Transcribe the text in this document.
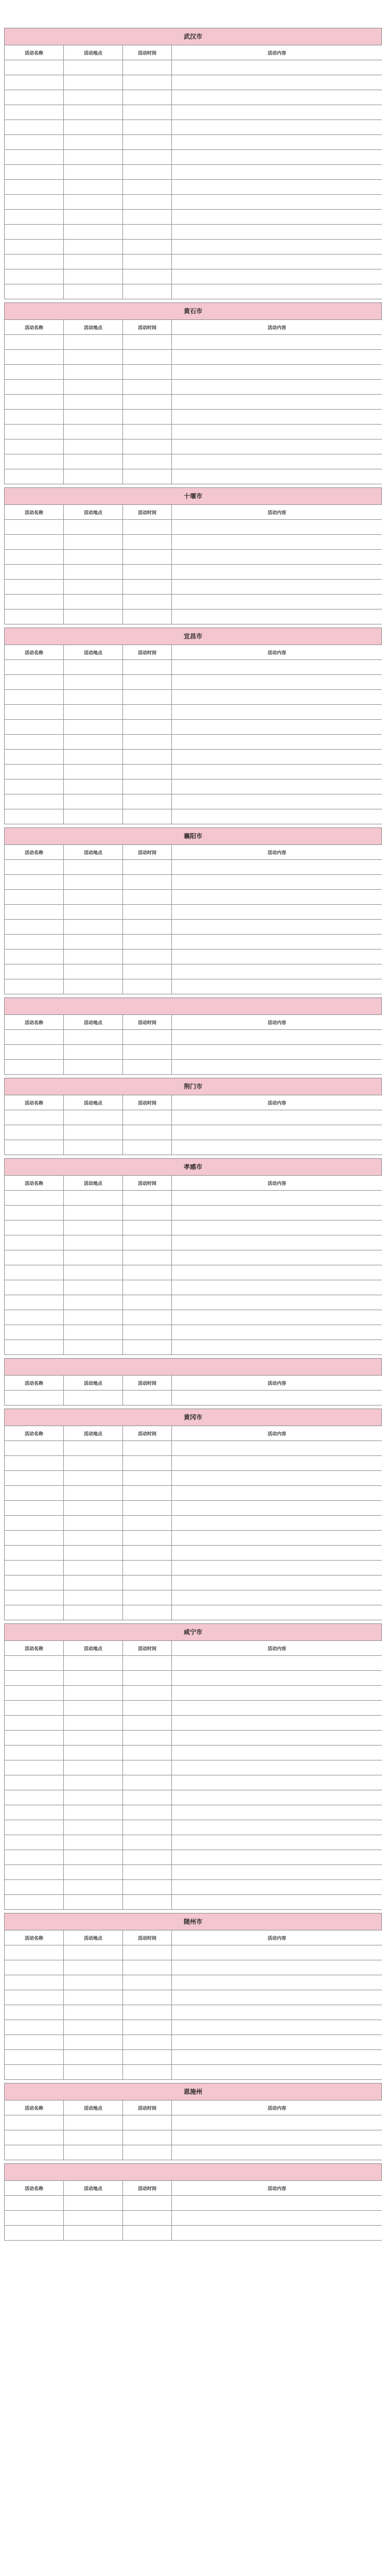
武汉市
活动名称	活动地点	活动时间	活动内容

黄石市
活动名称	活动地点	活动时间	活动内容

十堰市
活动名称	活动地点	活动时间	活动内容

宜昌市
活动名称	活动地点	活动时间	活动内容

襄阳市
活动名称	活动地点	活动时间	活动内容

活动名称	活动地点	活动时间	活动内容

荆门市
活动名称	活动地点	活动时间	活动内容

孝感市
活动名称	活动地点	活动时间	活动内容

活动名称	活动地点	活动时间	活动内容

黄冈市
活动名称	活动地点	活动时间	活动内容

咸宁市
活动名称	活动地点	活动时间	活动内容

随州市
活动名称	活动地点	活动时间	活动内容

恩施州
活动名称	活动地点	活动时间	活动内容

活动名称	活动地点	活动时间	活动内容
